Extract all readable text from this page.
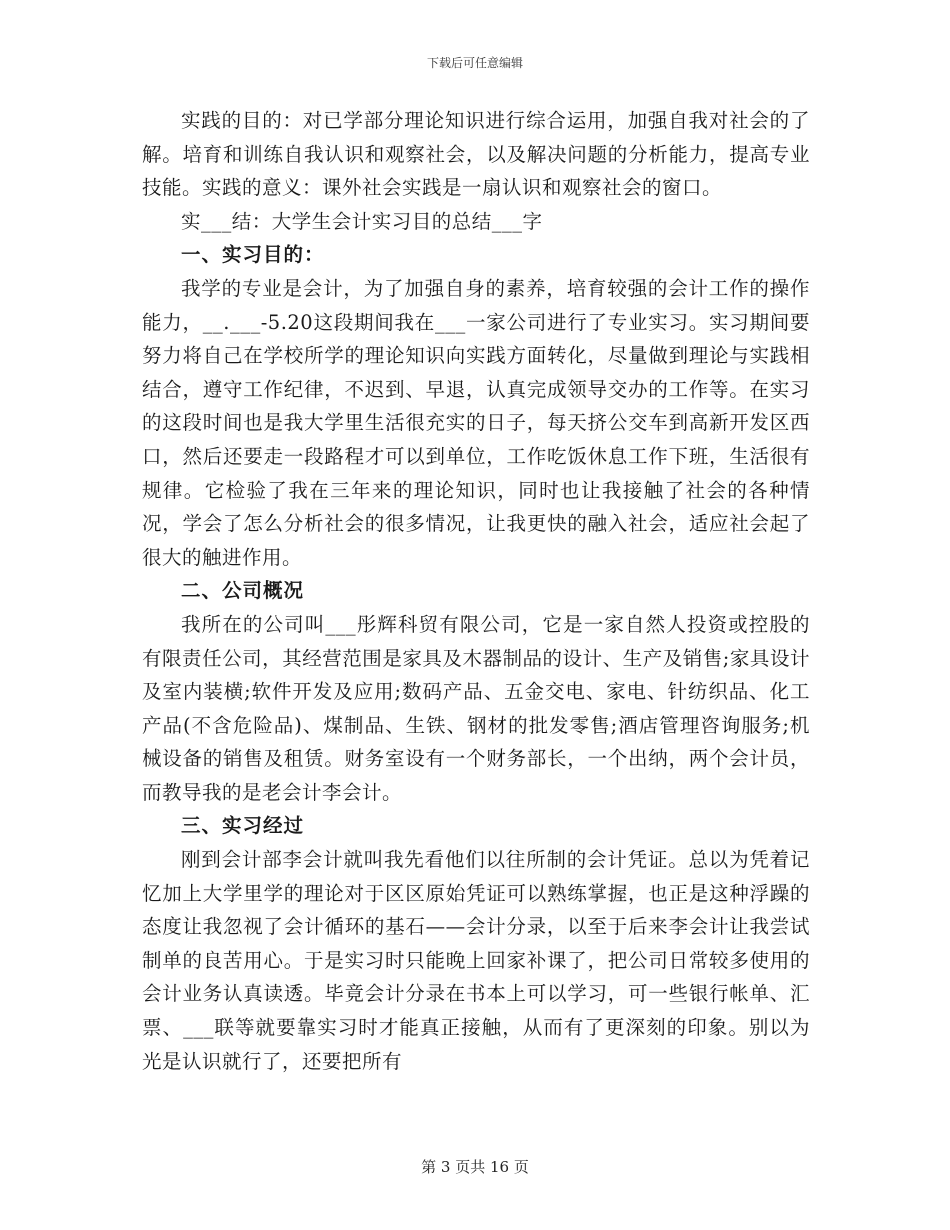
下载后可任意编辑

实践的目的：对已学部分理论知识进行综合运用，加强自我对社会的了解。培育和训练自我认识和观察社会，以及解决问题的分析能力，提高专业技能。实践的意义：课外社会实践是一扇认识和观察社会的窗口。

实___结：大学生会计实习目的总结___字

一、实习目的：

我学的专业是会计，为了加强自身的素养，培育较强的会计工作的操作能力，__.___-5.20这段期间我在___一家公司进行了专业实习。实习期间要努力将自己在学校所学的理论知识向实践方面转化，尽量做到理论与实践相结合，遵守工作纪律，不迟到、早退，认真完成领导交办的工作等。在实习的这段时间也是我大学里生活很充实的日子，每天挤公交车到高新开发区西口，然后还要走一段路程才可以到单位，工作吃饭休息工作下班，生活很有规律。它检验了我在三年来的理论知识，同时也让我接触了社会的各种情况，学会了怎么分析社会的很多情况，让我更快的融入社会，适应社会起了很大的触进作用。

二、公司概况

我所在的公司叫___彤辉科贸有限公司，它是一家自然人投资或控股的有限责任公司，其经营范围是家具及木器制品的设计、生产及销售;家具设计及室内装横;软件开发及应用;数码产品、五金交电、家电、针纺织品、化工产品(不含危险品)、煤制品、生铁、钢材的批发零售;酒店管理咨询服务;机械设备的销售及租赁。财务室设有一个财务部长，一个出纳，两个会计员，而教导我的是老会计李会计。

三、实习经过

刚到会计部李会计就叫我先看他们以往所制的会计凭证。总以为凭着记忆加上大学里学的理论对于区区原始凭证可以熟练掌握，也正是这种浮躁的态度让我忽视了会计循环的基石——会计分录，以至于后来李会计让我尝试制单的良苦用心。于是实习时只能晚上回家补课了，把公司日常较多使用的会计业务认真读透。毕竟会计分录在书本上可以学习，可一些银行帐单、汇票、___联等就要靠实习时才能真正接触，从而有了更深刻的印象。别以为光是认识就行了，还要把所有

第 3 页共 16 页
